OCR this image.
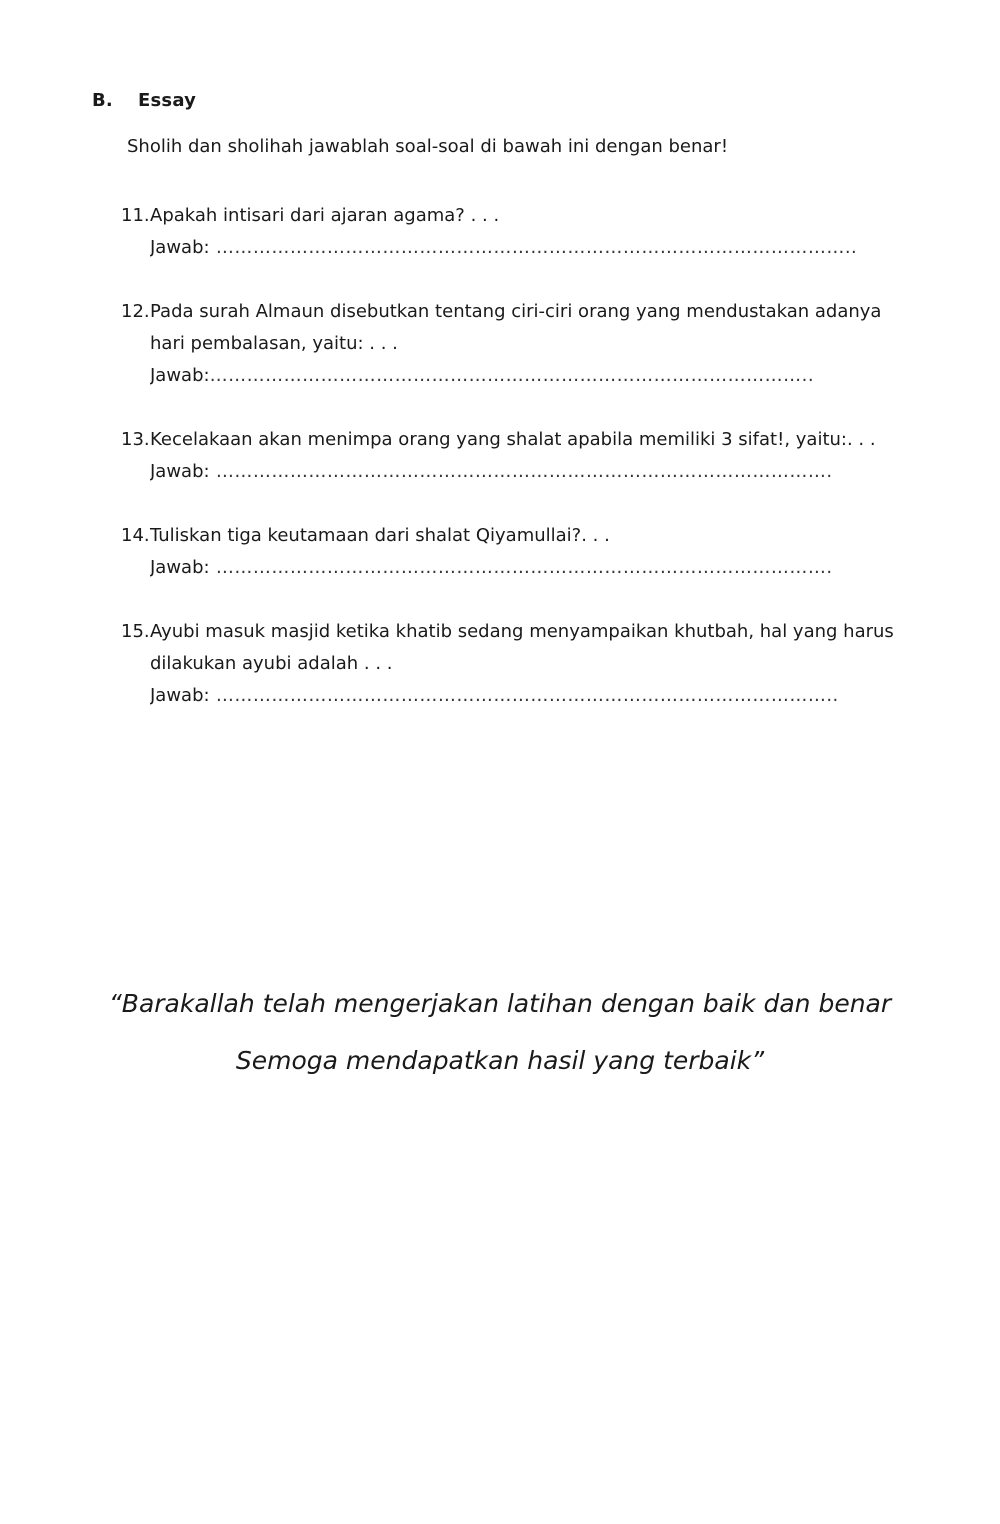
B. Essay
Sholih dan sholihah jawablah soal-soal di bawah ini dengan benar!
11. Apakah intisari dari ajaran agama? . . .
Jawab: …………………………………………………………………………………………..
12. Pada surah Almaun disebutkan tentang ciri-ciri orang yang mendustakan adanya hari pembalasan, yaitu: . . .
Jawab:……………………………………………………………………………………..
13. Kecelakaan akan menimpa orang yang shalat apabila memiliki 3 sifat!, yaitu:. . .
Jawab: ……………………………………………………………………………………….
14. Tuliskan tiga keutamaan dari shalat Qiyamullai?. . .
Jawab: ……………………………………………………………………………………….
15. Ayubi masuk masjid ketika khatib sedang menyampaikan khutbah, hal yang harus dilakukan ayubi adalah . . .
Jawab: ………………………………………………………………………………………..
“Barakallah telah mengerjakan latihan dengan baik dan benar
Semoga mendapatkan hasil yang terbaik”
